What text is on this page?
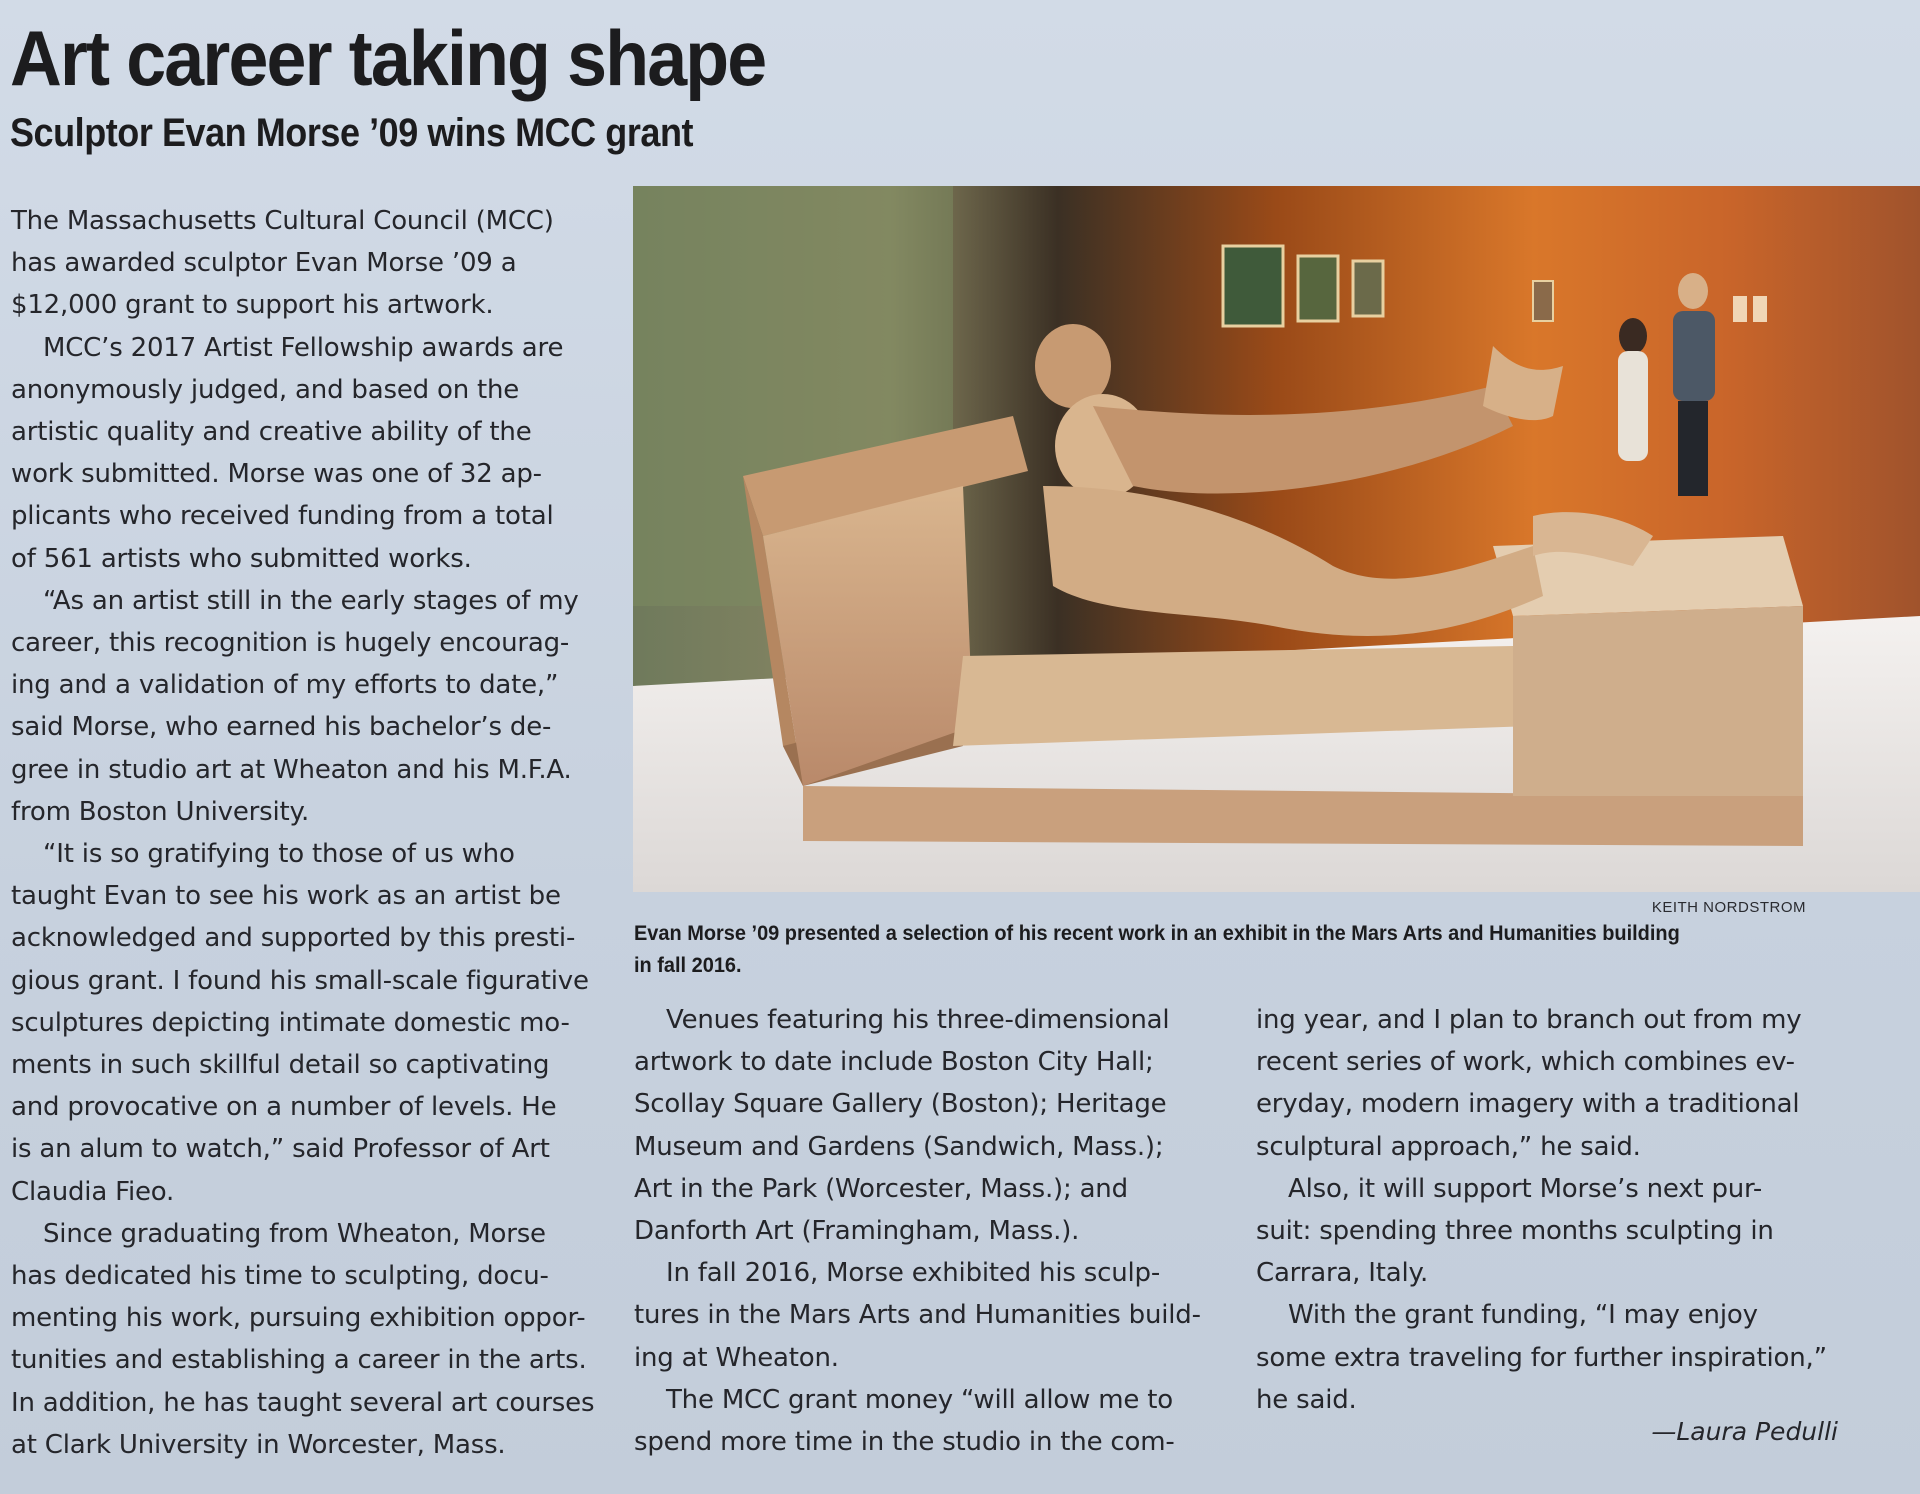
Art career taking shape
Sculptor Evan Morse ’09 wins MCC grant

The Massachusetts Cultural Council (MCC)

has awarded sculptor Evan Morse ’09 a

$12,000 grant to support his artwork.

MCC’s 2017 Artist Fellowship awards are

anonymously judged, and based on the

artistic quality and creative ability of the

work submitted. Morse was one of 32 ap-

plicants who received funding from a total

of 561 artists who submitted works.

“As an artist still in the early stages of my

career, this recognition is hugely encourag-

ing and a validation of my efforts to date,”

said Morse, who earned his bachelor’s de-

gree in studio art at Wheaton and his M.F.A.

from Boston University.

“It is so gratifying to those of us who

taught Evan to see his work as an artist be

acknowledged and supported by this presti-

gious grant. I found his small-scale figurative

sculptures depicting intimate domestic mo-

ments in such skillful detail so captivating

and provocative on a number of levels. He

is an alum to watch,” said Professor of Art

Claudia Fieo.

Since graduating from Wheaton, Morse

has dedicated his time to sculpting, docu-

menting his work, pursuing exhibition oppor-

tunities and establishing a career in the arts.

In addition, he has taught several art courses

at Clark University in Worcester, Mass.

KEITH NORDSTROM
Evan Morse ’09 presented a selection of his recent work in an exhibit in the Mars Arts and Humanities building
in fall 2016.

Venues featuring his three-dimensional

artwork to date include Boston City Hall;

Scollay Square Gallery (Boston); Heritage

Museum and Gardens (Sandwich, Mass.);

Art in the Park (Worcester, Mass.); and

Danforth Art (Framingham, Mass.).

In fall 2016, Morse exhibited his sculp-

tures in the Mars Arts and Humanities build-

ing at Wheaton.

The MCC grant money “will allow me to

spend more time in the studio in the com-

ing year, and I plan to branch out from my

recent series of work, which combines ev-

eryday, modern imagery with a traditional

sculptural approach,” he said.

Also, it will support Morse’s next pur-

suit: spending three months sculpting in

Carrara, Italy.

With the grant funding, “I may enjoy

some extra traveling for further inspiration,”

he said.

—Laura Pedulli
